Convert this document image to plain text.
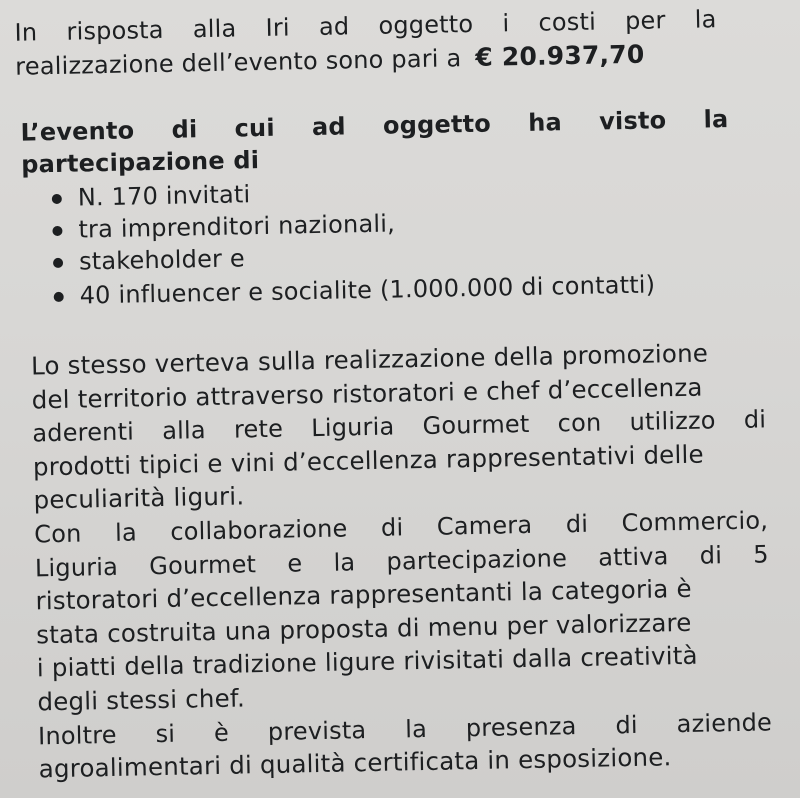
In risposta alla Iri ad oggetto i costi per la
realizzazione dell’evento sono pari a € 20.937,70
L’evento di cui ad oggetto ha visto la
partecipazione di
N. 170 invitati
tra imprenditori nazionali,
stakeholder e
40 influencer e socialite (1.000.000 di contatti)
Lo stesso verteva sulla realizzazione della promozione
del territorio attraverso ristoratori e chef d’eccellenza
aderenti alla rete Liguria Gourmet con utilizzo di
prodotti tipici e vini d’eccellenza rappresentativi delle
peculiarità liguri.
Con la collaborazione di Camera di Commercio,
Liguria Gourmet e la partecipazione attiva di 5
ristoratori d’eccellenza rappresentanti la categoria è
stata costruita una proposta di menu per valorizzare
i piatti della tradizione ligure rivisitati dalla creatività
degli stessi chef.
Inoltre si è prevista la presenza di aziende
agroalimentari di qualità certificata in esposizione.
